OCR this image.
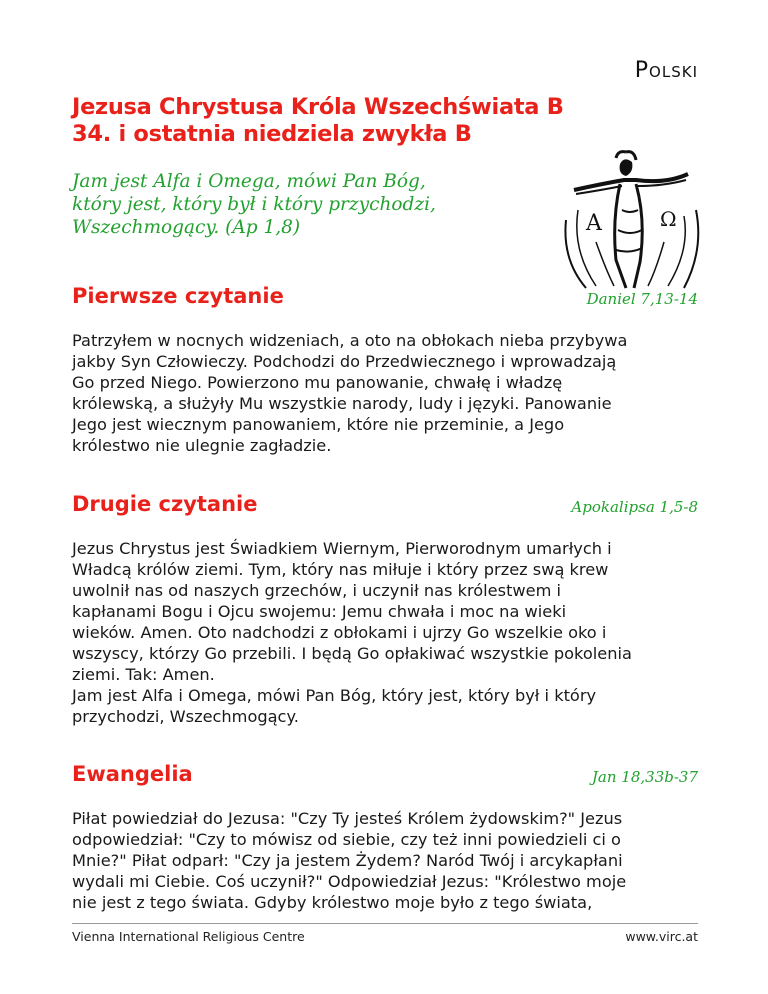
Polski
Jezusa Chrystusa Króla Wszechświata B
34. i ostatnia niedziela zwykła B
Jam jest Alfa i Omega, mówi Pan Bóg,
który jest, który był i który przychodzi,
Wszechmogący. (Ap 1,8)	A	Ω
Pierwsze czytanie	Daniel 7,13-14
Patrzyłem w nocnych widzeniach, a oto na obłokach nieba przybywa
jakby Syn Człowieczy. Podchodzi do Przedwiecznego i wprowadzają
Go przed Niego. Powierzono mu panowanie, chwałę i władzę
królewską, a służyły Mu wszystkie narody, ludy i języki. Panowanie
Jego jest wiecznym panowaniem, które nie przeminie, a Jego
królestwo nie ulegnie zagładzie.
Drugie czytanie	Apokalipsa 1,5-8
Jezus Chrystus jest Świadkiem Wiernym, Pierworodnym umarłych i
Władcą królów ziemi. Tym, który nas miłuje i który przez swą krew
uwolnił nas od naszych grzechów, i uczynił nas królestwem i
kapłanami Bogu i Ojcu swojemu: Jemu chwała i moc na wieki
wieków. Amen. Oto nadchodzi z obłokami i ujrzy Go wszelkie oko i
wszyscy, którzy Go przebili. I będą Go opłakiwać wszystkie pokolenia
ziemi. Tak: Amen.
Jam jest Alfa i Omega, mówi Pan Bóg, który jest, który był i który
przychodzi, Wszechmogący.
Ewangelia	Jan 18,33b-37
Piłat powiedział do Jezusa: "Czy Ty jesteś Królem żydowskim?" Jezus
odpowiedział: "Czy to mówisz od siebie, czy też inni powiedzieli ci o
Mnie?" Piłat odparł: "Czy ja jestem Żydem? Naród Twój i arcykapłani
wydali mi Ciebie. Coś uczynił?" Odpowiedział Jezus: "Królestwo moje
nie jest z tego świata. Gdyby królestwo moje było z tego świata,
Vienna International Religious Centre	www.virc.at
